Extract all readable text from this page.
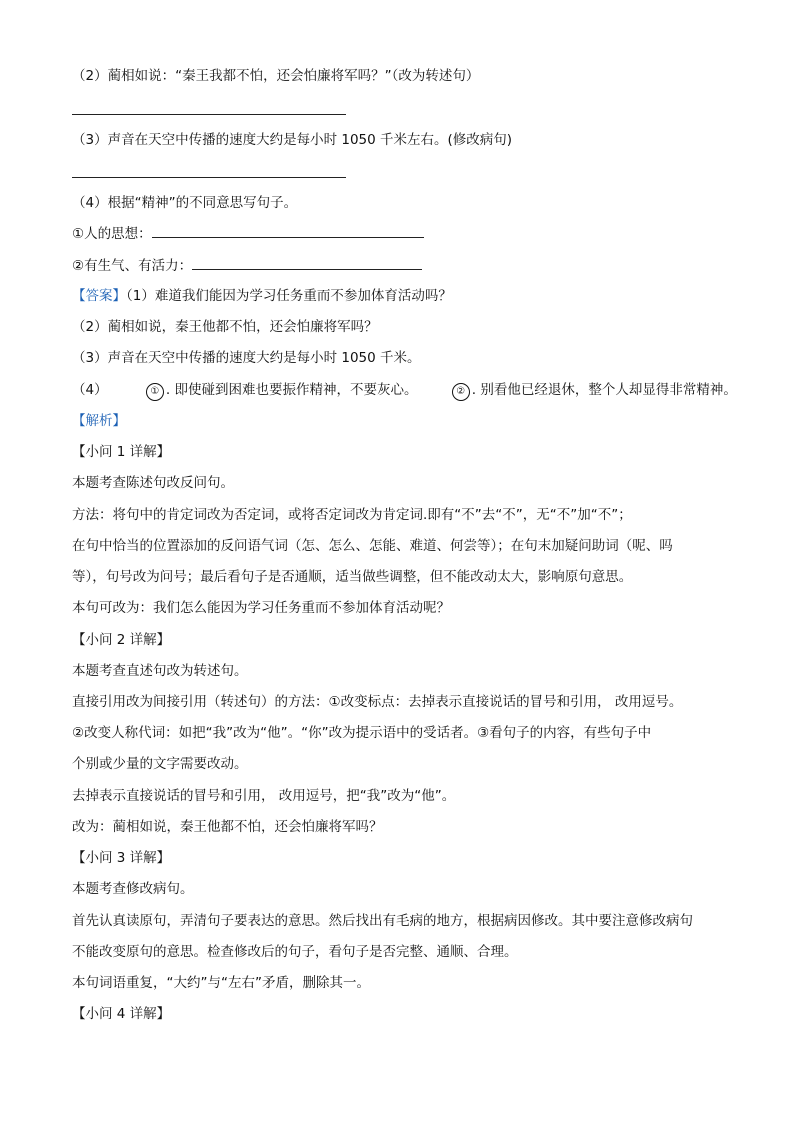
（2）蔺相如说：“秦王我都不怕，还会怕廉将军吗？”（改为转述句）
（3）声音在天空中传播的速度大约是每小时 1050 千米左右。(修改病句)
（4）根据“精神”的不同意思写句子。
①人的思想：
②有生气、有活力：
【答案】（1）难道我们能因为学习任务重而不参加体育活动吗？
（2）蔺相如说，秦王他都不怕，还会怕廉将军吗？
（3）声音在天空中传播的速度大约是每小时 1050 千米。
（4）	① . 即使碰到困难也要振作精神，不要灰心。	② . 别看他已经退休，整个人却显得非常精神。
【解析】
【小问 1 详解】
本题考查陈述句改反问句。
方法：将句中的肯定词改为否定词，或将否定词改为肯定词.即有“不”去“不”，无“不”加“不”；
在句中恰当的位置添加的反问语气词（怎、怎么、怎能、难道、何尝等）；在句末加疑问助词（呢、吗
等），句号改为问号；最后看句子是否通顺，适当做些调整，但不能改动太大，影响原句意思。
本句可改为：我们怎么能因为学习任务重而不参加体育活动呢？
【小问 2 详解】
本题考查直述句改为转述句。
直接引用改为间接引用（转述句）的方法：①改变标点：去掉表示直接说话的冒号和引用， 改用逗号。
②改变人称代词：如把“我”改为“他”。“你”改为提示语中的受话者。③看句子的内容，有些句子中
个别或少量的文字需要改动。
去掉表示直接说话的冒号和引用， 改用逗号，把“我”改为“他”。
改为：蔺相如说，秦王他都不怕，还会怕廉将军吗？
【小问 3 详解】
本题考查修改病句。
首先认真读原句，弄清句子要表达的意思。然后找出有毛病的地方，根据病因修改。其中要注意修改病句
不能改变原句的意思。检查修改后的句子，看句子是否完整、通顺、合理。
本句词语重复，“大约”与“左右”矛盾，删除其一。
【小问 4 详解】
